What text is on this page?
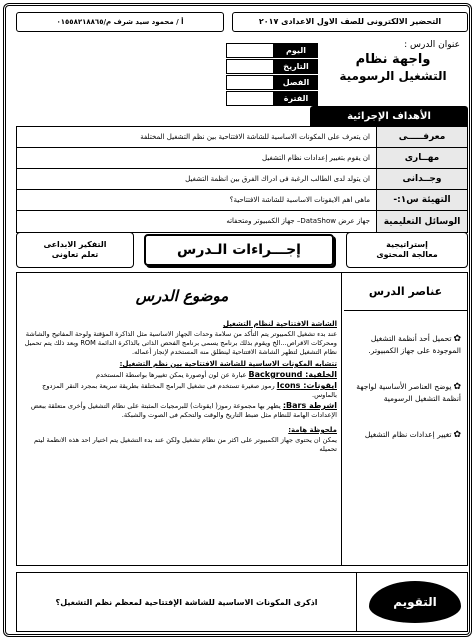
أ / محمود سيد شرف م/٠١٥٥٨٢١٨٨٦٥	التحضير الالكترونى للصف الاول الاعدادى ٢٠١٧
اليوم
التاريخ
الفصل
الفترة
عنوان الدرس :
واجهة نظام
التشغيل الرسومية
الأهداف الإجرائية
ان يتعرف على المكونات الاساسية للشاشة الافتتاحية بين نظم التشغيل المختلفة	معرفـــــى
ان يقوم بتغيير إعدادات نظام التشغيل	مهــارى
ان يتولد لدى الطالب الرغبة فى ادراك الفرق بين انظمة التشغيل	وجــدانى
ماهى اهم الايقونات الاساسية للشاشة الافتتاحية؟	التهيئة س١:-
جهاز عرض DataShow– جهاز الكمبيوتر ومتحفاته	الوسائل التعليمية
التفكير الابداعى
تعلم تعاونى	إجـــراءات الـدرس	إستراتيجية
معالجة المحتوى
موضوع الدرس

الشاشة الافتتاحية لنظام التشغيل

عند بدء تشغيل الكمبيوتر يتم التأكد من سلامة وحدات الجهاز الاساسية مثل الذاكرة المؤقتة ولوحة المفاتيح والشاشة ومحركات الاقراص...الخ ويقوم بذلك برنامج يسمى برنامج الفحص الذاتى بالذاكرة الدائمة ROM وبعد ذلك يتم تحميل نظام التشغيل لتظهر الشاشة الافتتاحية لينطلق منه المستخدم لإنجاز أعماله.

تتشابه المكونات الاساسية للشاشة الافتتاحية بين نظم التشغيل:

الخلفية: Background عبارة عن لون أوصورة يمكن تغييرها بواسطة المستخدم

ايقونات: Icons رموز صغيرة تستخدم فى تشغيل البرامج المختلفة بطريقة سريعة بمجرد النقر المزدوج بالماوس.

اشرطة Bars: يظهر بها مجموعة رموز( ايقونات) للبرمجيات المثبتة على نظام التشغيل وأخرى متعلقة ببعض الإعدادات الهامة للنظام مثل ضبط التاريخ والوقت والتحكم فى الصوت والشبكة.

ملحوظة هامة:

يمكن ان يحتوى جهاز الكمبيوتر على اكثر من نظام تشغيل ولكن عند بدء التشغيل يتم اختيار احد هذه الانظمة ليتم تحميله

عناصر الدرس
✿تحميل أحد أنظمة التشغيل الموجودة على جهاز الكمبيوتر.
✿يوضح العناصر الأساسية لواجهة أنظمة التشغيل الرسومية
✿تغيير إعدادات نظام التشغيل
اذكرى المكونات الاساسية للشاشة الإفتتاحية لمعظم نظم التشغيل؟	التقويم
